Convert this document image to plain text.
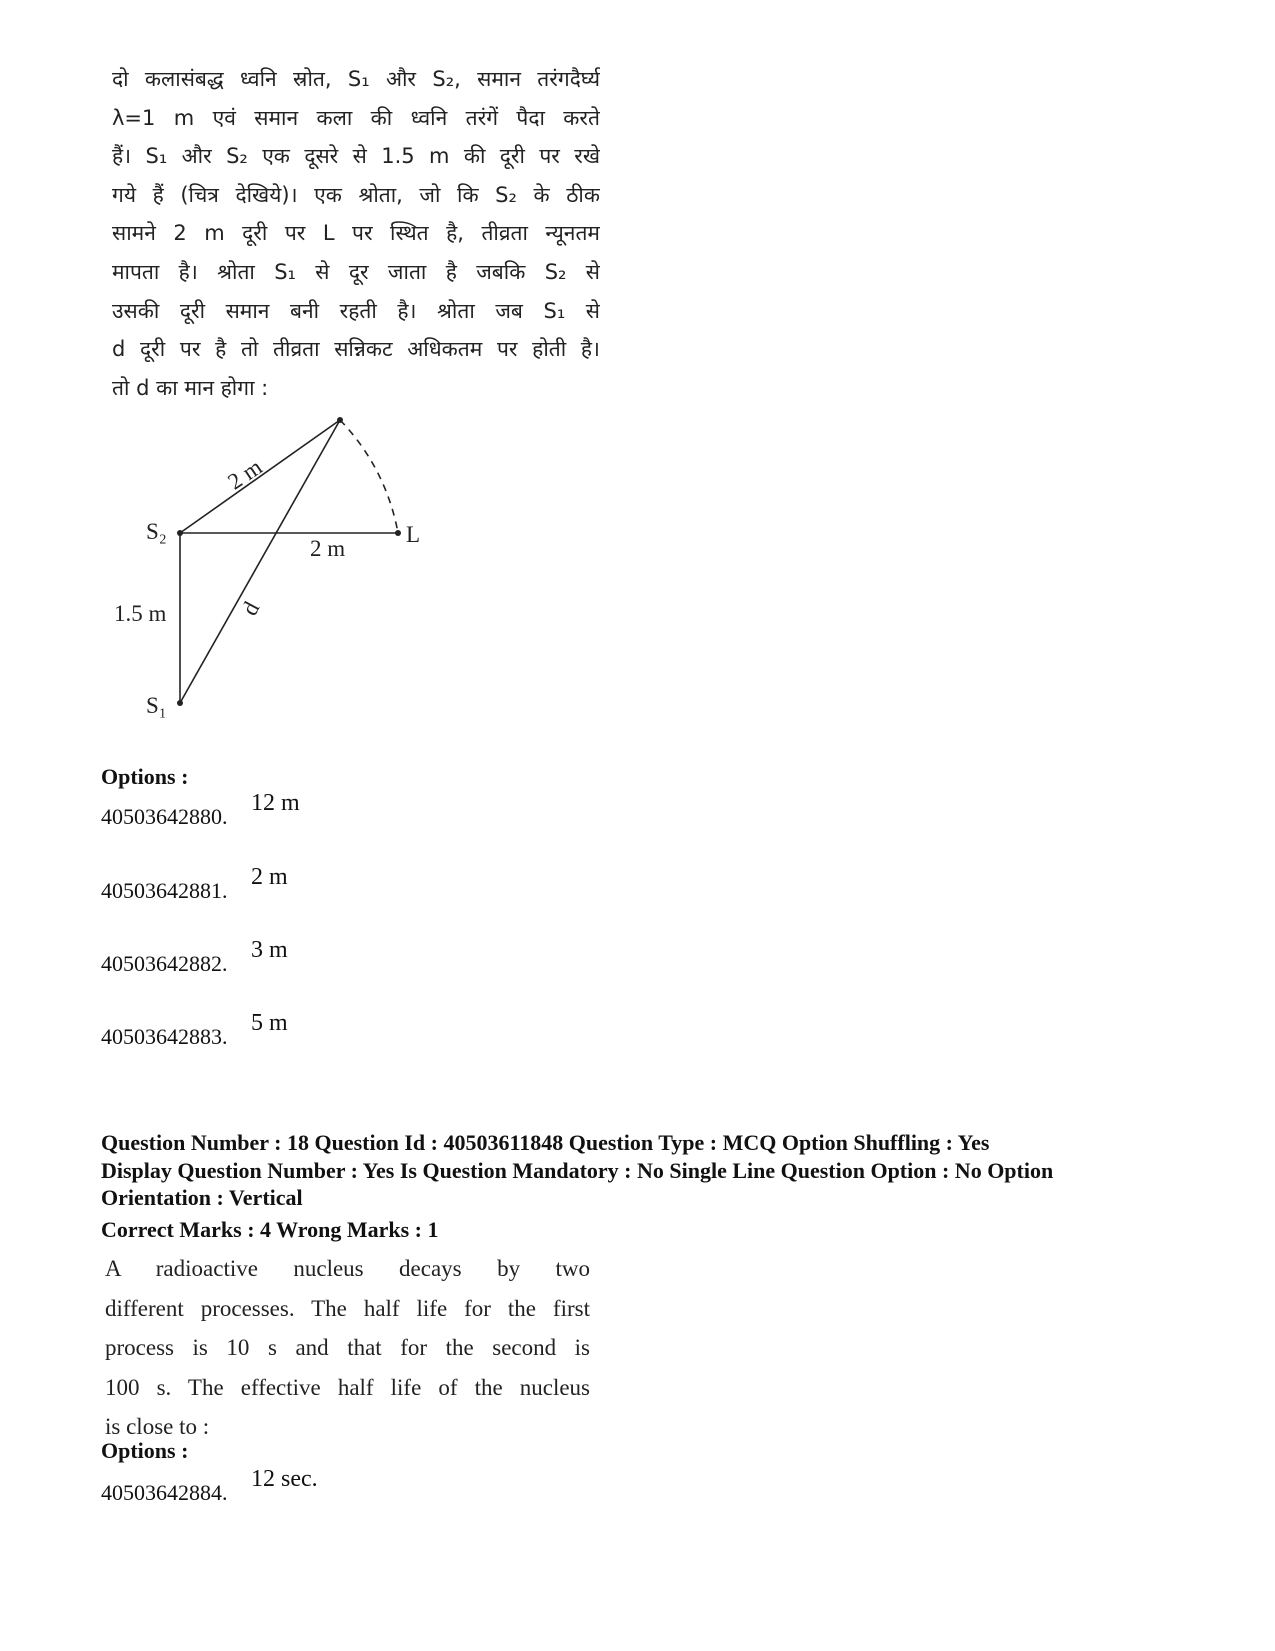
दो कलासंबद्ध ध्वनि स्रोत, S₁ और S₂, समान तरंगदैर्घ्य
λ=1 m एवं समान कला की ध्वनि तरंगें पैदा करते
हैं। S₁ और S₂ एक दूसरे से 1.5 m की दूरी पर रखे
गये हैं (चित्र देखिये)। एक श्रोता, जो कि S₂ के ठीक
सामने 2 m दूरी पर L पर स्थित है, तीव्रता न्यूनतम
मापता है। श्रोता S₁ से दूर जाता है जबकि S₂ से
उसकी दूरी समान बनी रहती है। श्रोता जब S₁ से
d दूरी पर है तो तीव्रता सन्निकट अधिकतम पर होती है।
तो d का मान होगा :
S₂
S₁
L
2 m
2 m
1.5 m	d
Options :
40503642880.
12 m
40503642881.
2 m
40503642882.
3 m
40503642883.
5 m
Question Number : 18 Question Id : 40503611848 Question Type : MCQ Option Shuffling : Yes
Display Question Number : Yes Is Question Mandatory : No Single Line Question Option : No Option
Orientation : Vertical
Correct Marks : 4 Wrong Marks : 1
A radioactive nucleus decays by two
different processes. The half life for the first
process is 10 s and that for the second is
100 s. The effective half life of the nucleus
is close to :
Options :
40503642884.
12 sec.
